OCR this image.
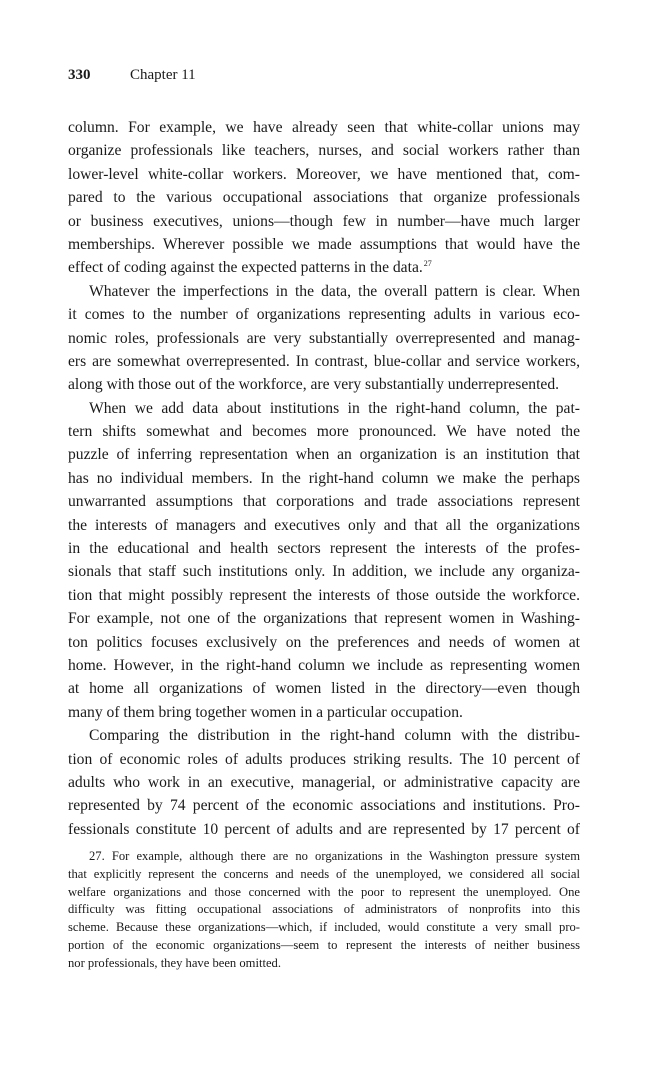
330	Chapter 11
column. For example, we have already seen that white-collar unions may
organize professionals like teachers, nurses, and social workers rather than
lower-level white-collar workers. Moreover, we have mentioned that, com-
pared to the various occupational associations that organize professionals
or business executives, unions—though few in number—have much larger
memberships. Wherever possible we made assumptions that would have the
effect of coding against the expected patterns in the data.$^{27}$
Whatever the imperfections in the data, the overall pattern is clear. When
it comes to the number of organizations representing adults in various eco-
nomic roles, professionals are very substantially overrepresented and manag-
ers are somewhat overrepresented. In contrast, blue-collar and service workers,
along with those out of the workforce, are very substantially underrepresented.
When we add data about institutions in the right-hand column, the pat-
tern shifts somewhat and becomes more pronounced. We have noted the
puzzle of inferring representation when an organization is an institution that
has no individual members. In the right-hand column we make the perhaps
unwarranted assumptions that corporations and trade associations represent
the interests of managers and executives only and that all the organizations
in the educational and health sectors represent the interests of the profes-
sionals that staff such institutions only. In addition, we include any organiza-
tion that might possibly represent the interests of those outside the workforce.
For example, not one of the organizations that represent women in Washing-
ton politics focuses exclusively on the preferences and needs of women at
home. However, in the right-hand column we include as representing women
at home all organizations of women listed in the directory—even though
many of them bring together women in a particular occupation.
Comparing the distribution in the right-hand column with the distribu-
tion of economic roles of adults produces striking results. The 10 percent of
adults who work in an executive, managerial, or administrative capacity are
represented by 74 percent of the economic associations and institutions. Pro-
fessionals constitute 10 percent of adults and are represented by 17 percent of
27. For example, although there are no organizations in the Washington pressure system
that explicitly represent the concerns and needs of the unemployed, we considered all social
welfare organizations and those concerned with the poor to represent the unemployed. One
difficulty was fitting occupational associations of administrators of nonprofits into this
scheme. Because these organizations—which, if included, would constitute a very small pro-
portion of the economic organizations—seem to represent the interests of neither business
nor professionals, they have been omitted.
